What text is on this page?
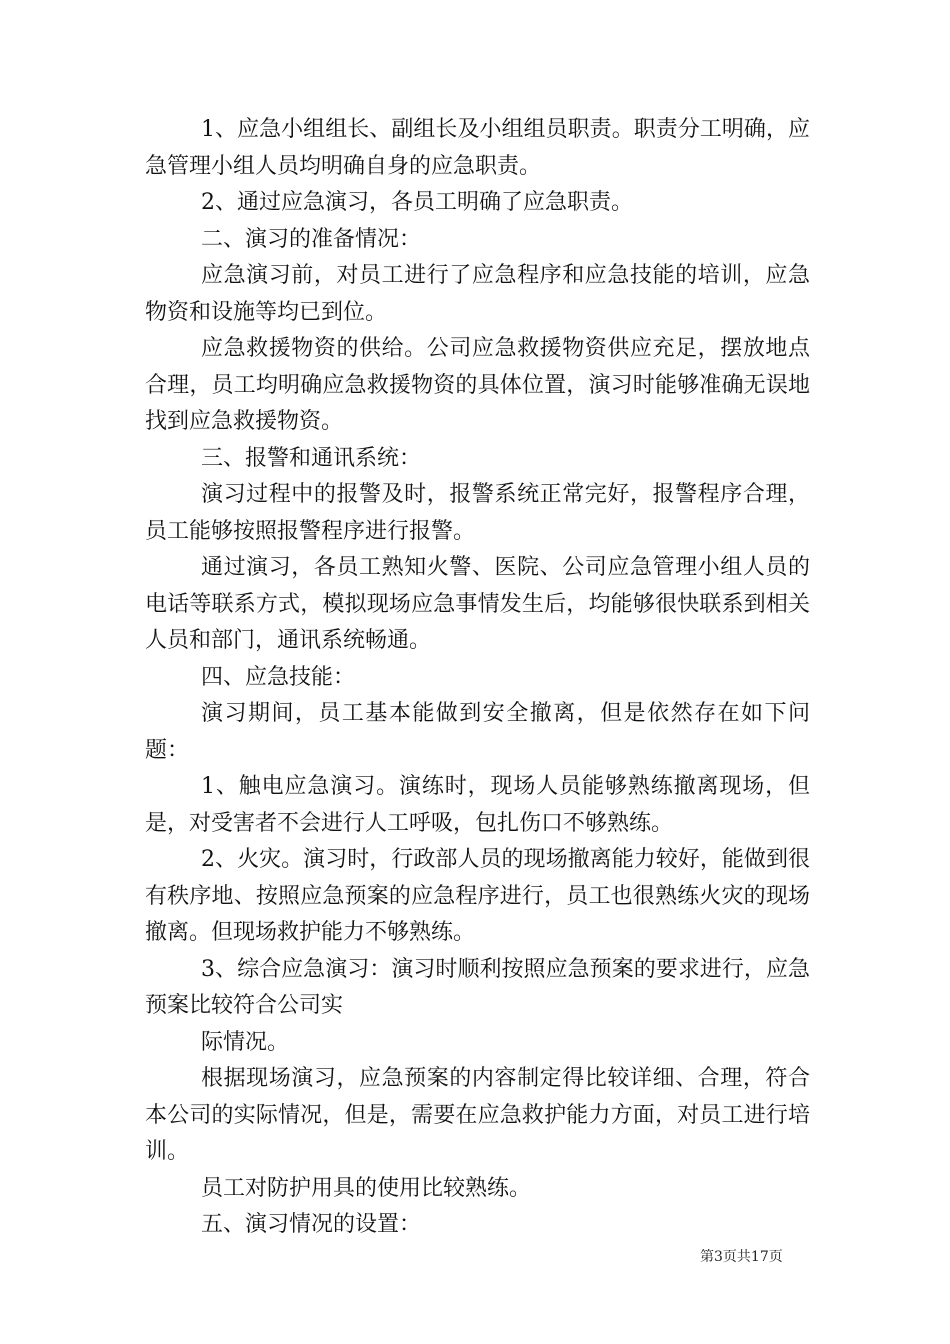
1、应急小组组长、副组长及小组组员职责。职责分工明确，应急管理小组人员均明确自身的应急职责。

2、通过应急演习，各员工明确了应急职责。

二、演习的准备情况：

应急演习前，对员工进行了应急程序和应急技能的培训，应急物资和设施等均已到位。

应急救援物资的供给。公司应急救援物资供应充足，摆放地点合理，员工均明确应急救援物资的具体位置，演习时能够准确无误地找到应急救援物资。

三、报警和通讯系统：

演习过程中的报警及时，报警系统正常完好，报警程序合理，员工能够按照报警程序进行报警。

通过演习，各员工熟知火警、医院、公司应急管理小组人员的电话等联系方式，模拟现场应急事情发生后，均能够很快联系到相关人员和部门，通讯系统畅通。

四、应急技能：

演习期间，员工基本能做到安全撤离，但是依然存在如下问题：

1、触电应急演习。演练时，现场人员能够熟练撤离现场，但是，对受害者不会进行人工呼吸，包扎伤口不够熟练。

2、火灾。演习时，行政部人员的现场撤离能力较好，能做到很有秩序地、按照应急预案的应急程序进行，员工也很熟练火灾的现场撤离。但现场救护能力不够熟练。

3、综合应急演习：演习时顺利按照应急预案的要求进行，应急预案比较符合公司实

际情况。

根据现场演习，应急预案的内容制定得比较详细、合理，符合本公司的实际情况，但是，需要在应急救护能力方面，对员工进行培训。

员工对防护用具的使用比较熟练。

五、演习情况的设置：

第3页共17页
